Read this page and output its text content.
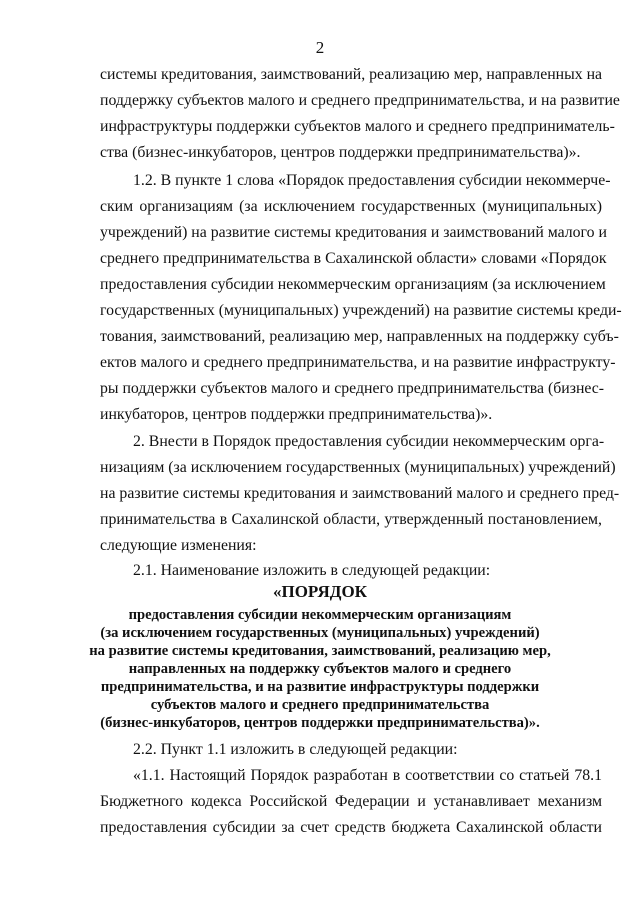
2
системы кредитования, заимствований, реализацию мер, направленных на
поддержку субъектов малого и среднего предпринимательства, и на развитие
инфраструктуры поддержки субъектов малого и среднего предприниматель-
ства (бизнес-инкубаторов, центров поддержки предпринимательства)».
1.2. В пункте 1 слова «Порядок предоставления субсидии некоммерче-
ским организациям (за исключением государственных (муниципальных)
учреждений) на развитие системы кредитования и заимствований малого и
среднего предпринимательства в Сахалинской области» словами «Порядок
предоставления субсидии некоммерческим организациям (за исключением
государственных (муниципальных) учреждений) на развитие системы креди-
тования, заимствований, реализацию мер, направленных на поддержку субъ-
ектов малого и среднего предпринимательства, и на развитие инфраструкту-
ры поддержки субъектов малого и среднего предпринимательства (бизнес-
инкубаторов, центров поддержки предпринимательства)».
2. Внести в Порядок предоставления субсидии некоммерческим орга-
низациям (за исключением государственных (муниципальных) учреждений)
на развитие системы кредитования и заимствований малого и среднего пред-
принимательства в Сахалинской области, утвержденный постановлением,
следующие изменения:
2.1. Наименование изложить в следующей редакции:
«ПОРЯДОК
предоставления субсидии некоммерческим организациям
(за исключением государственных (муниципальных) учреждений)
на развитие системы кредитования, заимствований, реализацию мер,
направленных на поддержку субъектов малого и среднего
предпринимательства, и на развитие инфраструктуры поддержки
субъектов малого и среднего предпринимательства
(бизнес-инкубаторов, центров поддержки предпринимательства)».
2.2. Пункт 1.1 изложить в следующей редакции:
«1.1. Настоящий Порядок разработан в соответствии со статьей 78.1
Бюджетного кодекса Российской Федерации и устанавливает механизм
предоставления субсидии за счет средств бюджета Сахалинской области
